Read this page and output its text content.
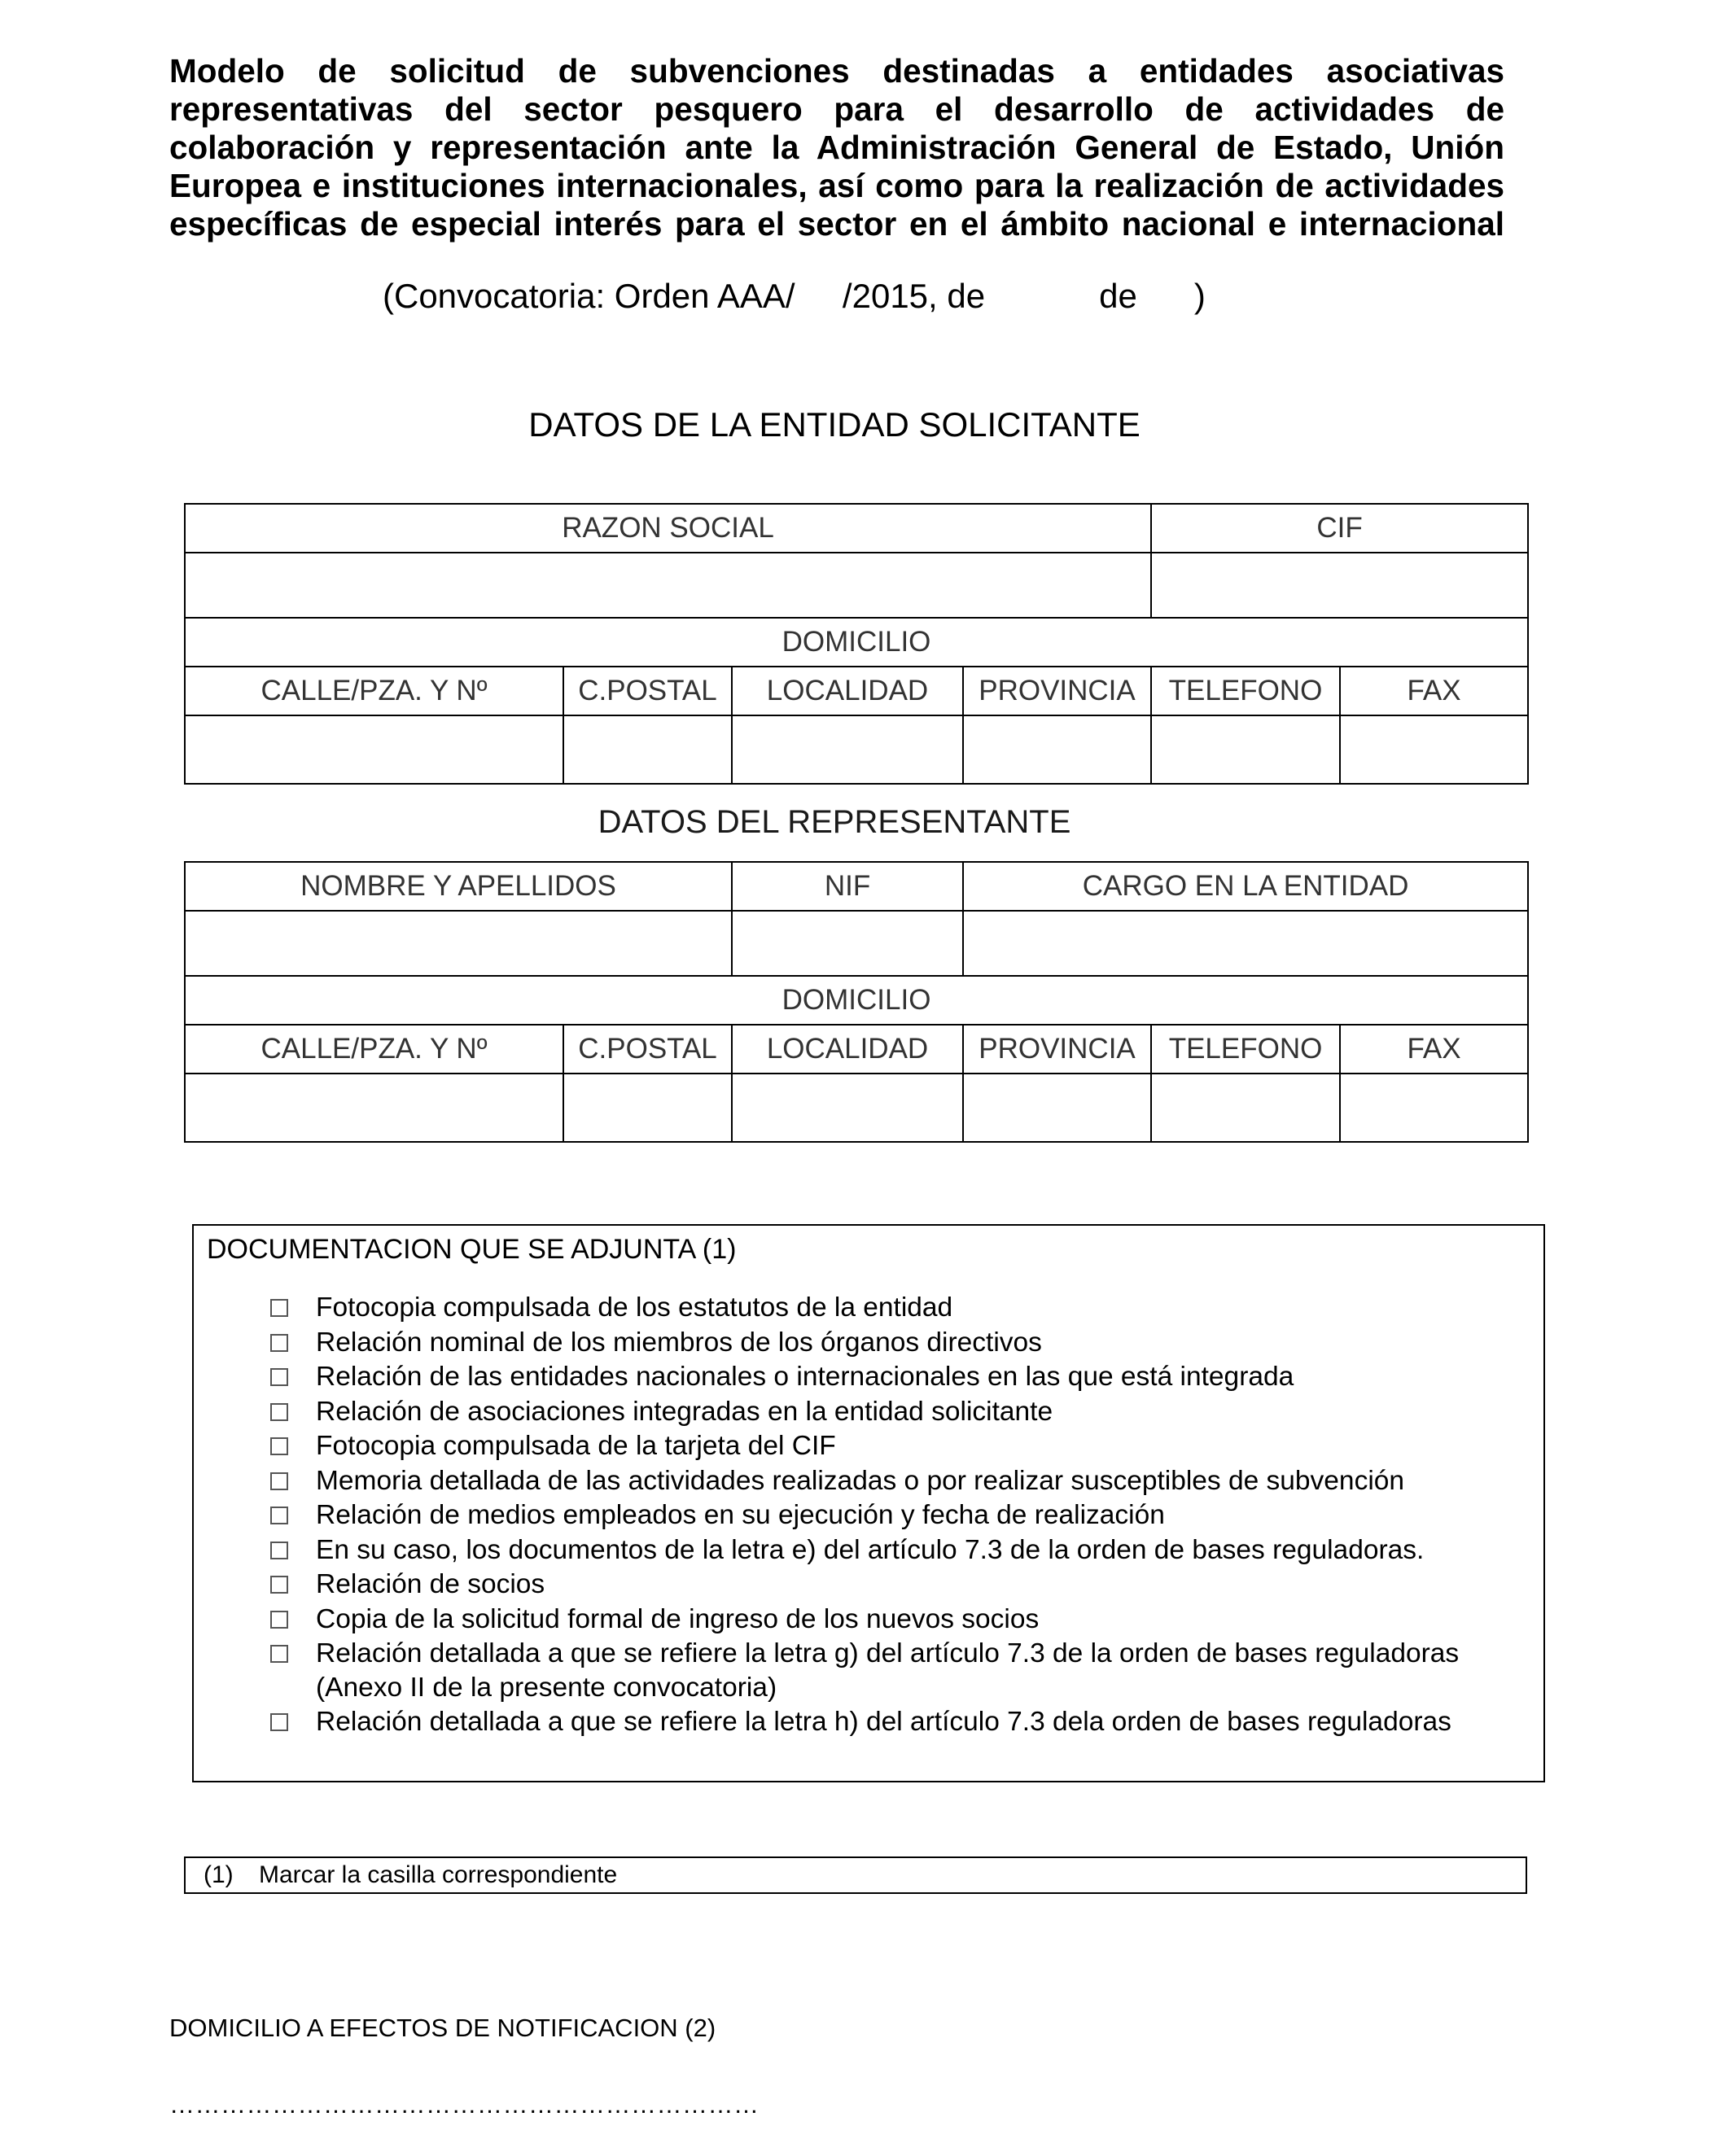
Modelo de solicitud de subvenciones destinadas a entidades asociativas representativas del sector pesquero para el desarrollo de actividades de colaboración y representación ante la Administración General de Estado, Unión Europea e instituciones internacionales, así como para la realización de actividades específicas de especial interés para el sector en el ámbito nacional e internacional
(Convocatoria: Orden AAA/     /2015, de            de      )
DATOS DE LA ENTIDAD SOLICITANTE
RAZON SOCIAL				CIF	

DOMICILIO					
CALLE/PZA. Y Nº	C.POSTAL	LOCALIDAD	PROVINCIA	TELEFONO	FAX

DATOS DEL REPRESENTANTE
NOMBRE Y APELLIDOS		NIF	CARGO EN LA ENTIDAD		

DOMICILIO					
CALLE/PZA. Y Nº	C.POSTAL	LOCALIDAD	PROVINCIA	TELEFONO	FAX

DOCUMENTACION QUE SE ADJUNTA (1)
Fotocopia compulsada de los estatutos de la entidad
Relación nominal de los miembros de los órganos directivos
Relación de las entidades nacionales o internacionales en las que está integrada
Relación de asociaciones integradas en la entidad solicitante
Fotocopia compulsada de la tarjeta del CIF
Memoria detallada de las actividades realizadas o por realizar susceptibles de subvención
Relación de medios empleados en su ejecución y fecha de realización
En su caso, los documentos de la letra e) del artículo 7.3 de la orden de bases reguladoras.
Relación de socios
Copia de la solicitud formal de ingreso de los nuevos socios
Relación detallada a que se refiere la letra g) del artículo 7.3 de la orden de bases reguladoras (Anexo II de la presente convocatoria)
Relación detallada a que se refiere la letra h) del artículo 7.3 dela orden de bases reguladoras
(1) Marcar la casilla correspondiente
DOMICILIO A EFECTOS DE NOTIFICACION (2)
……………………………………………………………
